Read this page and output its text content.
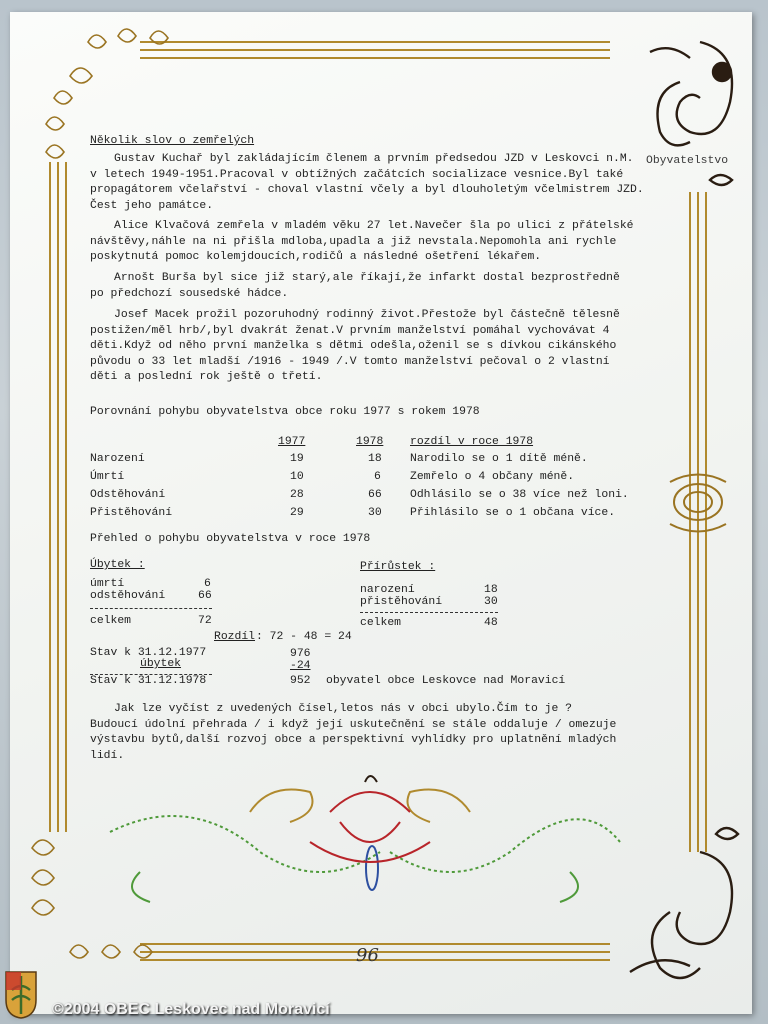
Obyvatelstvo
Několik slov o zemřelých
Gustav Kuchař byl zakládajícím členem a prvním předsedou JZD v Leskovci n.M.
v letech 1949-1951.Pracoval v obtížných začátcích socializace vesnice.Byl také
propagátorem včelařství - choval vlastní včely a byl dlouholetým včelmistrem JZD.
Čest jeho památce.
Alice Klvačová zemřela v mladém věku 27 let.Navečer šla po ulici z přátelské
návštěvy,náhle na ni přišla mdloba,upadla a již nevstala.Nepomohla ani rychle
poskytnutá pomoc kolemjdoucích,rodičů a následné ošetření lékařem.
Arnošt Burša byl sice již starý,ale říkají,že infarkt dostal bezprostředně
po předchozí sousedské hádce.
Josef Macek prožil pozoruhodný rodinný život.Přestože byl částečně tělesně
postižen/měl hrb/,byl dvakrát ženat.V prvním manželství pomáhal vychovávat 4
děti.Když od něho první manželka s dětmi odešla,oženil se s dívkou cikánského
původu o 33 let mladší /1916 - 1949 /.V tomto manželství pečoval o 2 vlastní
děti a poslední rok ještě o třetí.
Porovnání pohybu obyvatelstva obce roku 1977 s rokem 1978
1977	1978 rozdíl v roce 1978
Narození	19	18 Narodilo se o 1 dítě méně.
Úmrtí	10	6	Zemřelo o 4 občany méně.
Odstěhování	28	66 Odhlásilo se o 38 více než loni.
Přistěhování	29	30 Přihlásilo se o 1 občana více.
Přehled o pohybu obyvatelstva v roce 1978
Úbytek :
úmrtí	6
odstěhování	66
celkem	72
Přírůstek :
narození	18
přistěhování	30
celkem	48
Rozdíl : 72 - 48 = 24
Stav k 31.12.1977	976
úbytek	-24
Stav k 31.12.1978	952 obyvatel obce Leskovce nad Moravicí
Jak lze vyčíst z uvedených čísel,letos nás v obci ubylo.Čím to je ?
Budoucí údolní přehrada / i když její uskutečnění se stále oddaluje / omezuje
výstavbu bytů,další rozvoj obce a perspektivní vyhlídky pro uplatnění mladých
lidí.
96
©2004 OBEC Leskovec nad Moravicí
